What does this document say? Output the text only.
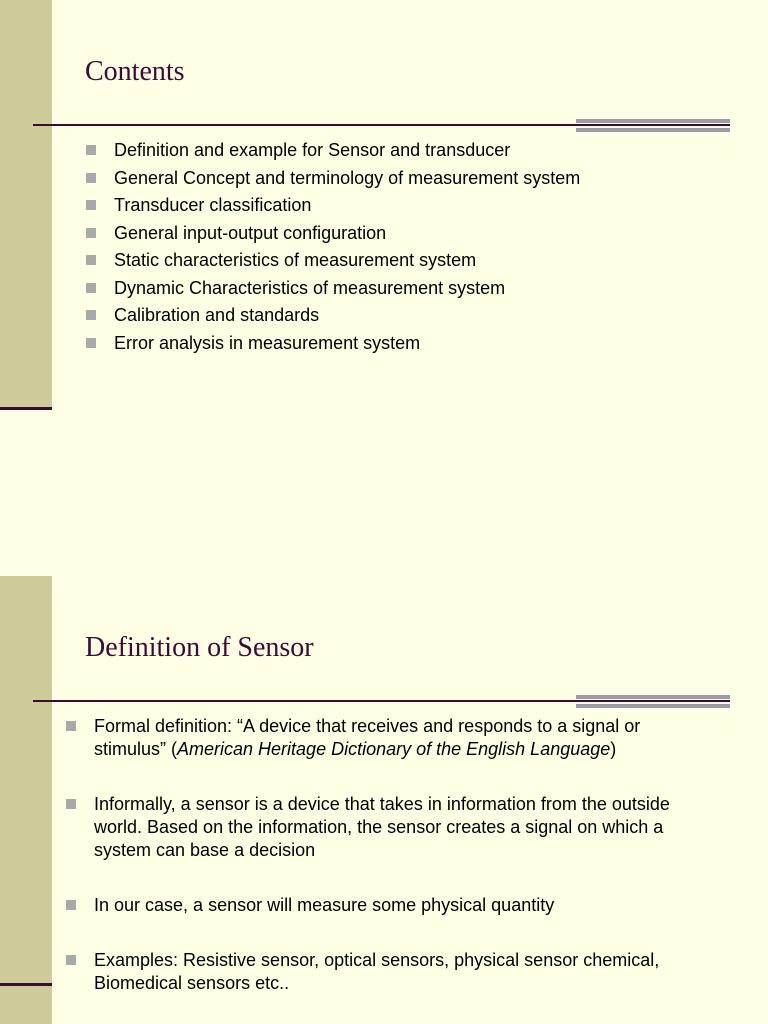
Contents
Definition and example for Sensor and transducer
General Concept and terminology of measurement system
Transducer classification
General input-output configuration
Static characteristics of measurement system
Dynamic Characteristics of measurement system
Calibration and standards
Error analysis in measurement system
Definition of Sensor
Formal definition: “A device that receives and responds to a signal or stimulus” (American Heritage Dictionary of the English Language)
Informally, a sensor is a device that takes in information from the outside world. Based on the information, the sensor creates a signal on which a system can base a decision
In our case, a sensor will measure some physical quantity
Examples: Resistive sensor, optical sensors, physical sensor chemical, Biomedical sensors etc..
